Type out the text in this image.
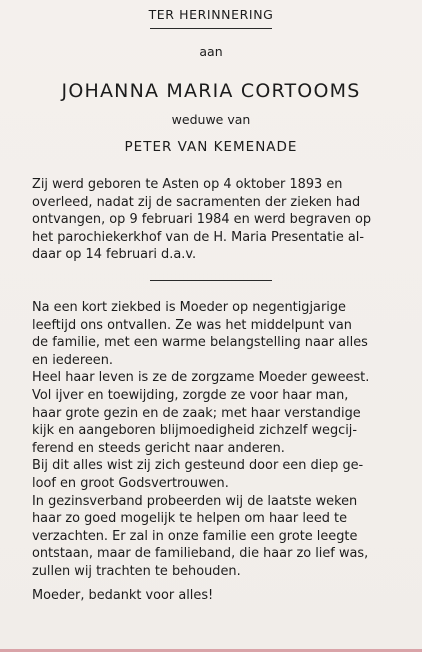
TER HERINNERING
aan
JOHANNA MARIA CORTOOMS
weduwe van
PETER VAN KEMENADE
Zij werd geboren te Asten op 4 oktober 1893 en
overleed, nadat zij de sacramenten der zieken had
ontvangen, op 9 februari 1984 en werd begraven op
het parochiekerkhof van de H. Maria Presentatie al-
daar op 14 februari d.a.v.
Na een kort ziekbed is Moeder op negentigjarige
leeftijd ons ontvallen. Ze was het middelpunt van
de familie, met een warme belangstelling naar alles
en iedereen.
Heel haar leven is ze de zorgzame Moeder geweest.
Vol ijver en toewijding, zorgde ze voor haar man,
haar grote gezin en de zaak; met haar verstandige
kijk en aangeboren blijmoedigheid zichzelf wegcij-
ferend en steeds gericht naar anderen.
Bij dit alles wist zij zich gesteund door een diep ge-
loof en groot Godsvertrouwen.
In gezinsverband probeerden wij de laatste weken
haar zo goed mogelijk te helpen om haar leed te
verzachten. Er zal in onze familie een grote leegte
ontstaan, maar de familieband, die haar zo lief was,
zullen wij trachten te behouden.
Moeder, bedankt voor alles!
